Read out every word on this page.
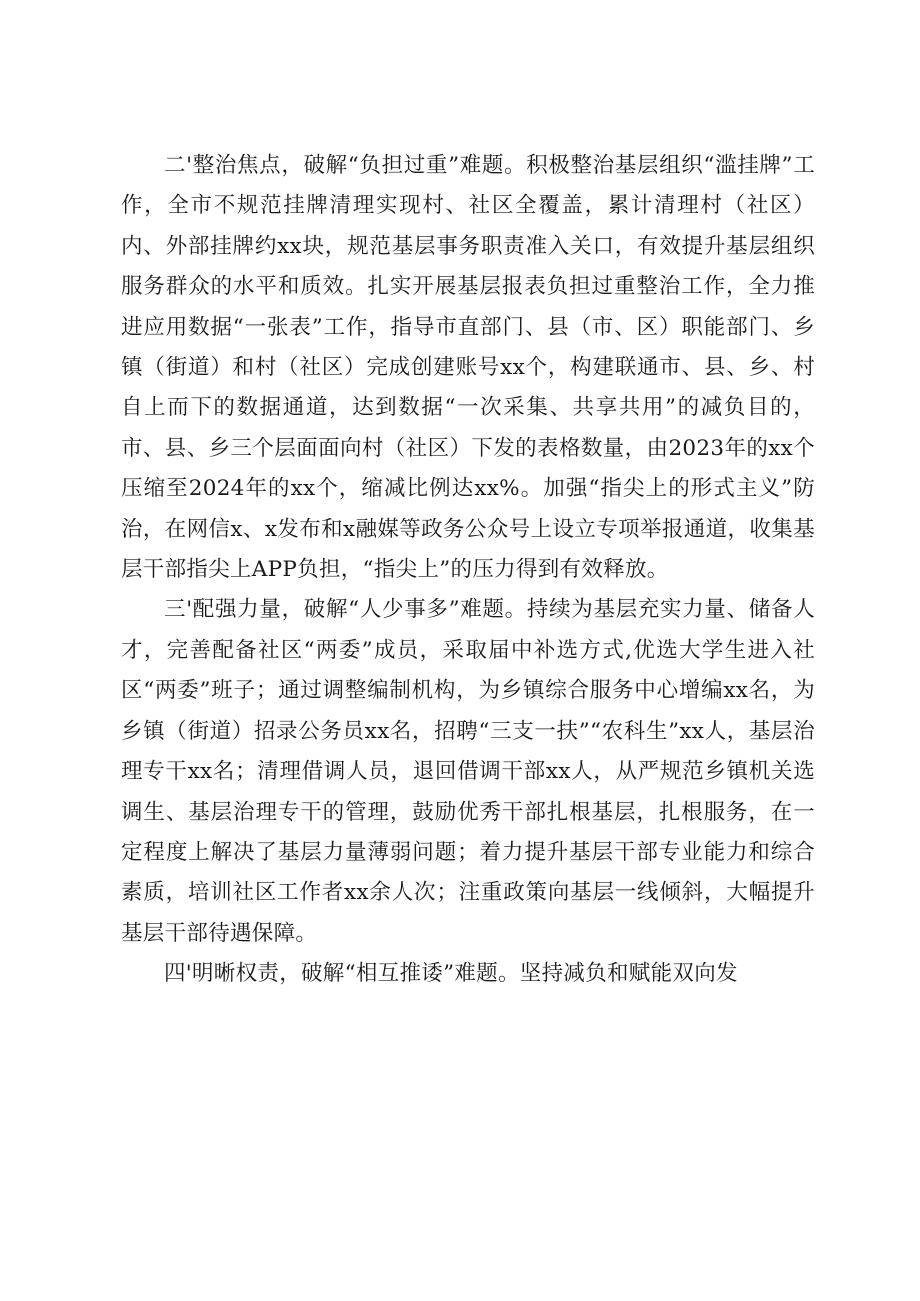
二'整治焦点，破解“负担过重”难题。积极整治基层组织“滥挂牌”工作，全市不规范挂牌清理实现村、社区全覆盖，累计清理村（社区）内、外部挂牌约xx块，规范基层事务职责准入关口，有效提升基层组织服务群众的水平和质效。扎实开展基层报表负担过重整治工作，全力推进应用数据“一张表”工作，指导市直部门、县（市、区）职能部门、乡镇（街道）和村（社区）完成创建账号xx个，构建联通市、县、乡、村自上而下的数据通道，达到数据“一次采集、共享共用”的减负目的，市、县、乡三个层面面向村（社区）下发的表格数量，由2023年的xx个压缩至2024年的xx个，缩减比例达xx%。加强“指尖上的形式主义”防治，在网信x、x发布和x融媒等政务公众号上设立专项举报通道，收集基层干部指尖上APP负担，“指尖上”的压力得到有效释放。

三'配强力量，破解“人少事多”难题。持续为基层充实力量、储备人才，完善配备社区“两委”成员，采取届中补选方式,优选大学生进入社区“两委”班子；通过调整编制机构，为乡镇综合服务中心增编xx名，为乡镇（街道）招录公务员xx名，招聘“三支一扶”“农科生”xx人，基层治理专干xx名；清理借调人员，退回借调干部xx人，从严规范乡镇机关选调生、基层治理专干的管理，鼓励优秀干部扎根基层，扎根服务，在一定程度上解决了基层力量薄弱问题；着力提升基层干部专业能力和综合素质，培训社区工作者xx余人次；注重政策向基层一线倾斜，大幅提升基层干部待遇保障。

四'明晰权责，破解“相互推诿”难题。坚持减负和赋能双向发
